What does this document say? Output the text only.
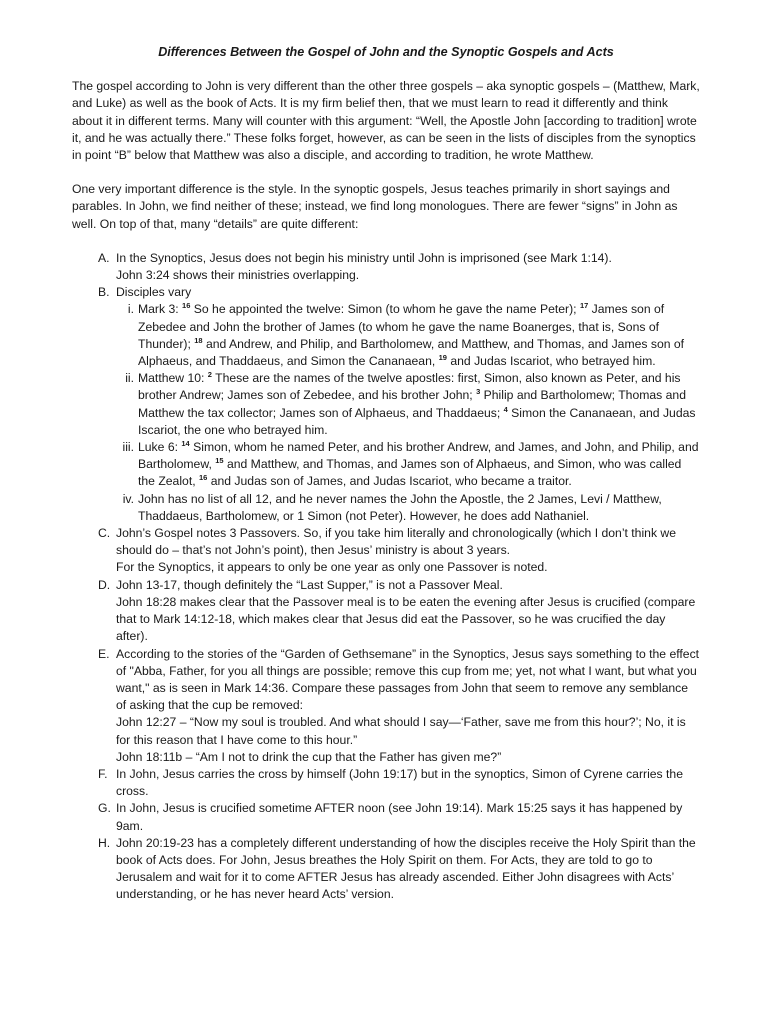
Differences Between the Gospel of John and the Synoptic Gospels and Acts

The gospel according to John is very different than the other three gospels – aka synoptic gospels – (Matthew, Mark, and Luke) as well as the book of Acts. It is my firm belief then, that we must learn to read it differently and think about it in different terms. Many will counter with this argument: “Well, the Apostle John [according to tradition] wrote it, and he was actually there.” These folks forget, however, as can be seen in the lists of disciples from the synoptics in point “B” below that Matthew was also a disciple, and according to tradition, he wrote Matthew.

One very important difference is the style. In the synoptic gospels, Jesus teaches primarily in short sayings and parables. In John, we find neither of these; instead, we find long monologues. There are fewer “signs” in John as well. On top of that, many “details” are quite different:

A. In the Synoptics, Jesus does not begin his ministry until John is imprisoned (see Mark 1:14).
John 3:24 shows their ministries overlapping.
B. Disciples vary
i. Mark 3: $^{16}$ So he appointed the twelve: Simon (to whom he gave the name Peter); $^{17}$ James son of Zebedee and John the brother of James (to whom he gave the name Boanerges, that is, Sons of Thunder); $^{18}$ and Andrew, and Philip, and Bartholomew, and Matthew, and Thomas, and James son of Alphaeus, and Thaddaeus, and Simon the Cananaean, $^{19}$ and Judas Iscariot, who betrayed him.
ii. Matthew 10: $^2$ These are the names of the twelve apostles: first, Simon, also known as Peter, and his brother Andrew; James son of Zebedee, and his brother John; $^3$ Philip and Bartholomew; Thomas and Matthew the tax collector; James son of Alphaeus, and Thaddaeus; $^4$ Simon the Cananaean, and Judas Iscariot, the one who betrayed him.
iii. Luke 6: $^{14}$ Simon, whom he named Peter, and his brother Andrew, and James, and John, and Philip, and Bartholomew, $^{15}$ and Matthew, and Thomas, and James son of Alphaeus, and Simon, who was called the Zealot, $^{16}$ and Judas son of James, and Judas Iscariot, who became a traitor.
iv. John has no list of all 12, and he never names the John the Apostle, the 2 James, Levi / Matthew, Thaddaeus, Bartholomew, or 1 Simon (not Peter). However, he does add Nathaniel.
C. John’s Gospel notes 3 Passovers. So, if you take him literally and chronologically (which I don’t think we should do – that’s not John’s point), then Jesus’ ministry is about 3 years.
For the Synoptics, it appears to only be one year as only one Passover is noted.
D. John 13-17, though definitely the “Last Supper,” is not a Passover Meal.
John 18:28 makes clear that the Passover meal is to be eaten the evening after Jesus is crucified (compare that to Mark 14:12-18, which makes clear that Jesus did eat the Passover, so he was crucified the day after).
E. According to the stories of the “Garden of Gethsemane” in the Synoptics, Jesus says something to the effect of "Abba, Father, for you all things are possible; remove this cup from me; yet, not what I want, but what you want," as is seen in Mark 14:36. Compare these passages from John that seem to remove any semblance of asking that the cup be removed:
John 12:27 – “Now my soul is troubled. And what should I say—‘Father, save me from this hour?’; No, it is for this reason that I have come to this hour.”
John 18:11b – “Am I not to drink the cup that the Father has given me?”
F. In John, Jesus carries the cross by himself (John 19:17) but in the synoptics, Simon of Cyrene carries the cross.
G. In John, Jesus is crucified sometime AFTER noon (see John 19:14). Mark 15:25 says it has happened by 9am.
H. John 20:19-23 has a completely different understanding of how the disciples receive the Holy Spirit than the book of Acts does. For John, Jesus breathes the Holy Spirit on them. For Acts, they are told to go to Jerusalem and wait for it to come AFTER Jesus has already ascended. Either John disagrees with Acts’ understanding, or he has never heard Acts’ version.
